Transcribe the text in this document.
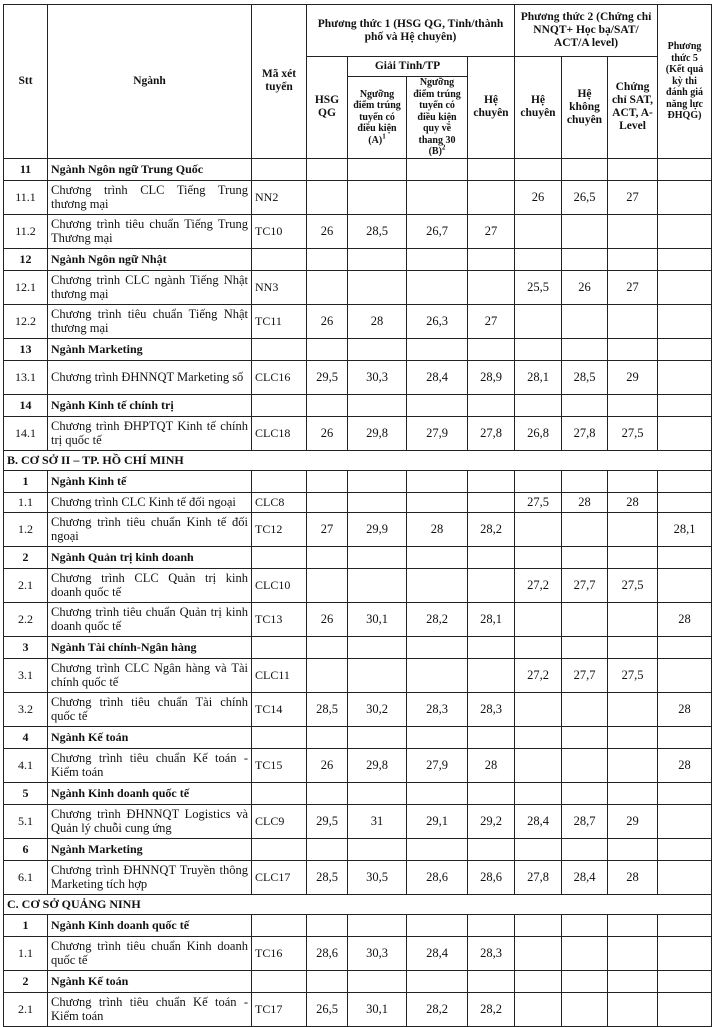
Stt	Ngành	Mã xét tuyển	Phương thức 1 (HSG QG, Tỉnh/thành phố và Hệ chuyên)				Phương thức 2 (Chứng chỉ NNQT+ Học bạ/SAT/ ACT/A level)			Phương thức 5 (Kết quả kỳ thi đánh giá năng lực ĐHQG)
			HSG QG	Giải Tỉnh/TP		Hệ chuyên	Hệ chuyên	Hệ không chuyên	Chứng chỉ SAT, ACT, A-Level	
				Ngưỡng điểm trúng tuyển có điều kiện $(A)^1$	Ngưỡng điểm trúng tuyển có điều kiện quy về thang 30 $(B)^2$
11	Ngành Ngôn ngữ Trung Quốc									
11.1	Chương trình CLC Tiếng Trung thương mại	NN2					26	26,5	27	
11.2	Chương trình tiêu chuẩn Tiếng Trung Thương mại	TC10	26	28,5	26,7	27				
12	Ngành Ngôn ngữ Nhật									
12.1	Chương trình CLC ngành Tiếng Nhật thương mại	NN3					25,5	26	27	
12.2	Chương trình tiêu chuẩn Tiếng Nhật thương mại	TC11	26	28	26,3	27				
13	Ngành Marketing									
13.1	Chương trình ĐHNNQT Marketing số	CLC16	29,5	30,3	28,4	28,9	28,1	28,5	29	
14	Ngành Kinh tế chính trị									
14.1	Chương trình ĐHPTQT Kinh tế chính trị quốc tế	CLC18	26	29,8	27,9	27,8	26,8	27,8	27,5	
B. CƠ SỞ II – TP. HỒ CHÍ MINH										
1	Ngành Kinh tế									
1.1	Chương trình CLC Kinh tế đối ngoại	CLC8					27,5	28	28	
1.2	Chương trình tiêu chuẩn Kinh tế đối ngoại	TC12	27	29,9	28	28,2				28,1
2	Ngành Quản trị kinh doanh									
2.1	Chương trình CLC Quản trị kinh doanh quốc tế	CLC10					27,2	27,7	27,5	
2.2	Chương trình tiêu chuẩn Quản trị kinh doanh quốc tế	TC13	26	30,1	28,2	28,1				28
3	Ngành Tài chính-Ngân hàng									
3.1	Chương trình CLC Ngân hàng và Tài chính quốc tế	CLC11					27,2	27,7	27,5	
3.2	Chương trình tiêu chuẩn Tài chính quốc tế	TC14	28,5	30,2	28,3	28,3				28
4	Ngành Kế toán									
4.1	Chương trình tiêu chuẩn Kế toán - Kiểm toán	TC15	26	29,8	27,9	28				28
5	Ngành Kinh doanh quốc tế									
5.1	Chương trình ĐHNNQT Logistics và Quản lý chuỗi cung ứng	CLC9	29,5	31	29,1	29,2	28,4	28,7	29	
6	Ngành Marketing									
6.1	Chương trình ĐHNNQT Truyền thông Marketing tích hợp	CLC17	28,5	30,5	28,6	28,6	27,8	28,4	28	
C. CƠ SỞ QUẢNG NINH										
1	Ngành Kinh doanh quốc tế									
1.1	Chương trình tiêu chuẩn Kinh doanh quốc tế	TC16	28,6	30,3	28,4	28,3				
2	Ngành Kế toán									
2.1	Chương trình tiêu chuẩn Kế toán - Kiểm toán	TC17	26,5	30,1	28,2	28,2				
